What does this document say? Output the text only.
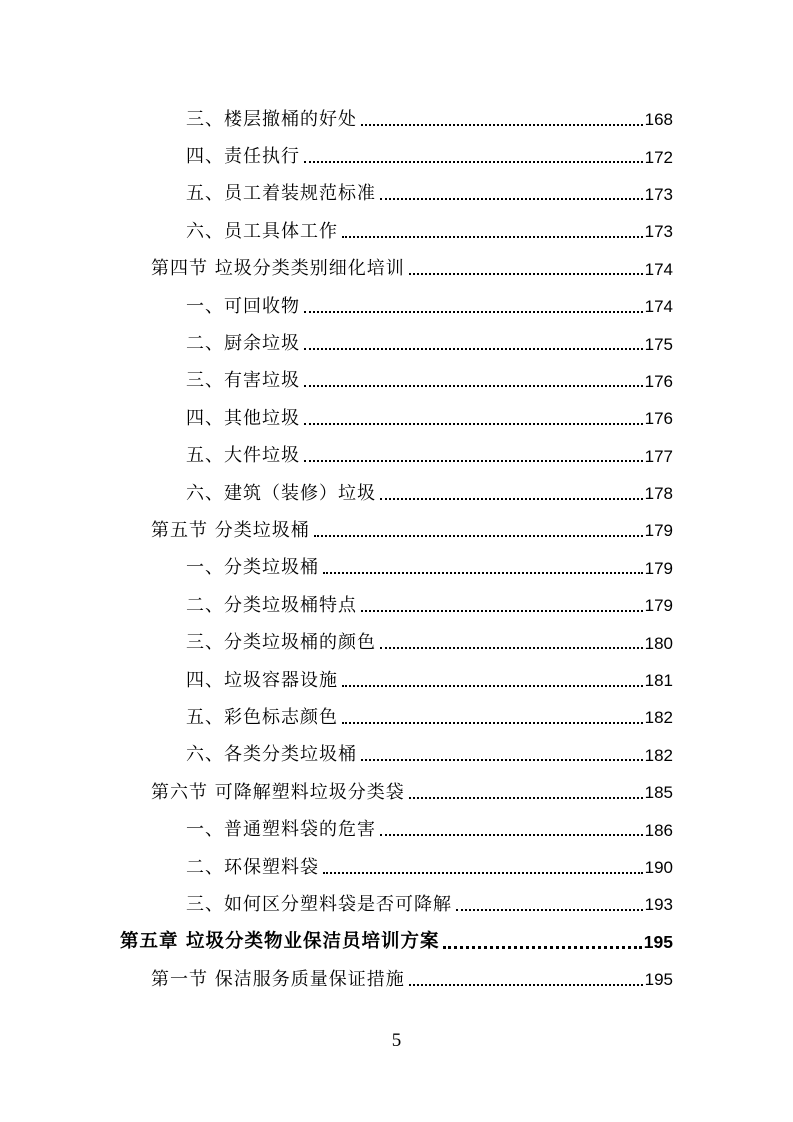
三、楼层撤桶的好处	168
四、责任执行	172
五、员工着装规范标准	173
六、员工具体工作	173
第四节 垃圾分类类别细化培训	174
一、可回收物	174
二、厨余垃圾	175
三、有害垃圾	176
四、其他垃圾	176
五、大件垃圾	177
六、建筑（装修）垃圾	178
第五节 分类垃圾桶	179
一、分类垃圾桶	179
二、分类垃圾桶特点	179
三、分类垃圾桶的颜色	180
四、垃圾容器设施	181
五、彩色标志颜色	182
六、各类分类垃圾桶	182
第六节 可降解塑料垃圾分类袋	185
一、普通塑料袋的危害	186
二、环保塑料袋	190
三、如何区分塑料袋是否可降解	193
第五章 垃圾分类物业保洁员培训方案	195
第一节 保洁服务质量保证措施	195
5
